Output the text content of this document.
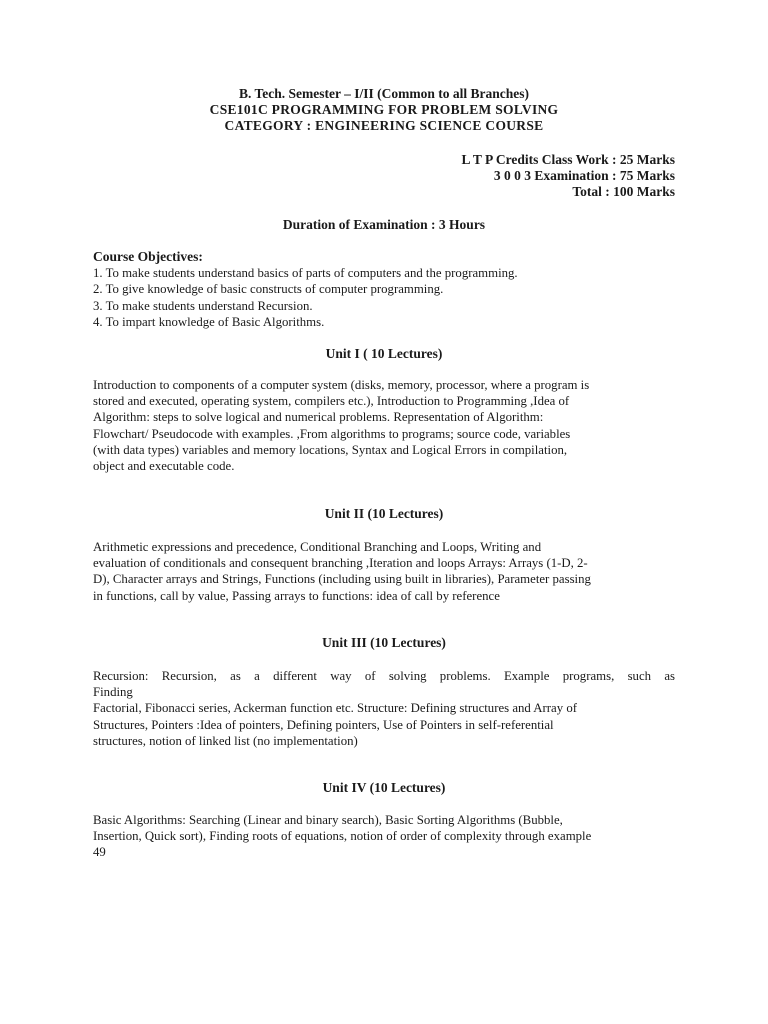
B. Tech. Semester – I/II (Common to all Branches)
CSE101C PROGRAMMING FOR PROBLEM SOLVING
CATEGORY : ENGINEERING SCIENCE COURSE
L T P Credits Class Work : 25 Marks
3 0 0 3 Examination : 75 Marks
Total : 100 Marks
Duration of Examination : 3 Hours
Course Objectives:
1. To make students understand basics of parts of computers and the programming.
2. To give knowledge of basic constructs of computer programming.
3. To make students understand Recursion.
4. To impart knowledge of Basic Algorithms.
Unit I ( 10 Lectures)
Introduction to components of a computer system (disks, memory, processor, where a program is
stored and executed, operating system, compilers etc.), Introduction to Programming ,Idea of
Algorithm: steps to solve logical and numerical problems. Representation of Algorithm:
Flowchart/ Pseudocode with examples. ,From algorithms to programs; source code, variables
(with data types) variables and memory locations, Syntax and Logical Errors in compilation,
object and executable code.
Unit II (10 Lectures)
Arithmetic expressions and precedence, Conditional Branching and Loops, Writing and
evaluation of conditionals and consequent branching ,Iteration and loops Arrays: Arrays (1-D, 2-
D), Character arrays and Strings, Functions (including using built in libraries), Parameter passing
in functions, call by value, Passing arrays to functions: idea of call by reference
Unit III (10 Lectures)
Recursion: Recursion, as a different way of solving problems. Example programs, such as
Finding
Factorial, Fibonacci series, Ackerman function etc. Structure: Defining structures and Array of
Structures, Pointers :Idea of pointers, Defining pointers, Use of Pointers in self-referential
structures, notion of linked list (no implementation)
Unit IV (10 Lectures)
Basic Algorithms: Searching (Linear and binary search), Basic Sorting Algorithms (Bubble,
Insertion, Quick sort), Finding roots of equations, notion of order of complexity through example
49
